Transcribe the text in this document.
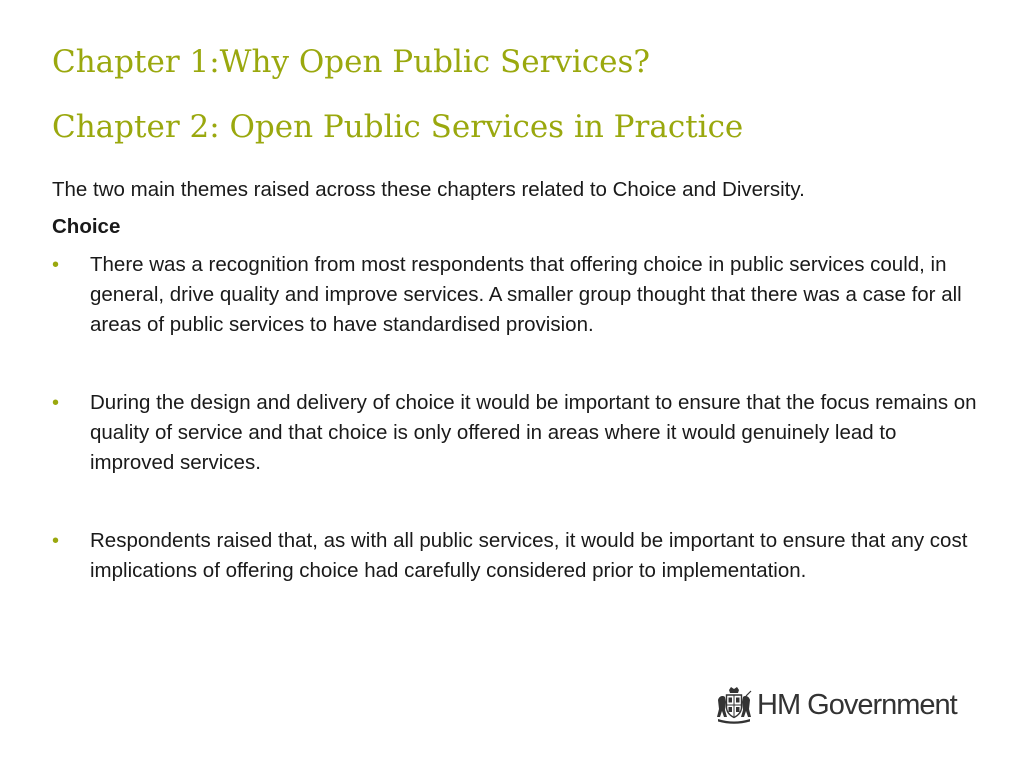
Chapter 1:Why Open Public Services?
Chapter 2: Open Public Services in Practice

The two main themes raised across these chapters related to Choice and Diversity.

Choice

• There was a recognition from most respondents that offering choice in public services could, in general, drive quality and improve services. A smaller group thought that there was a case for all areas of public services to have standardised provision.
• During the design and delivery of choice it would be important to ensure that the focus remains on quality of service and that choice is only offered in areas where it would genuinely lead to improved services.
• Respondents raised that, as with all public services, it would be important to ensure that any cost implications of offering choice had carefully considered prior to implementation.
HM Government
